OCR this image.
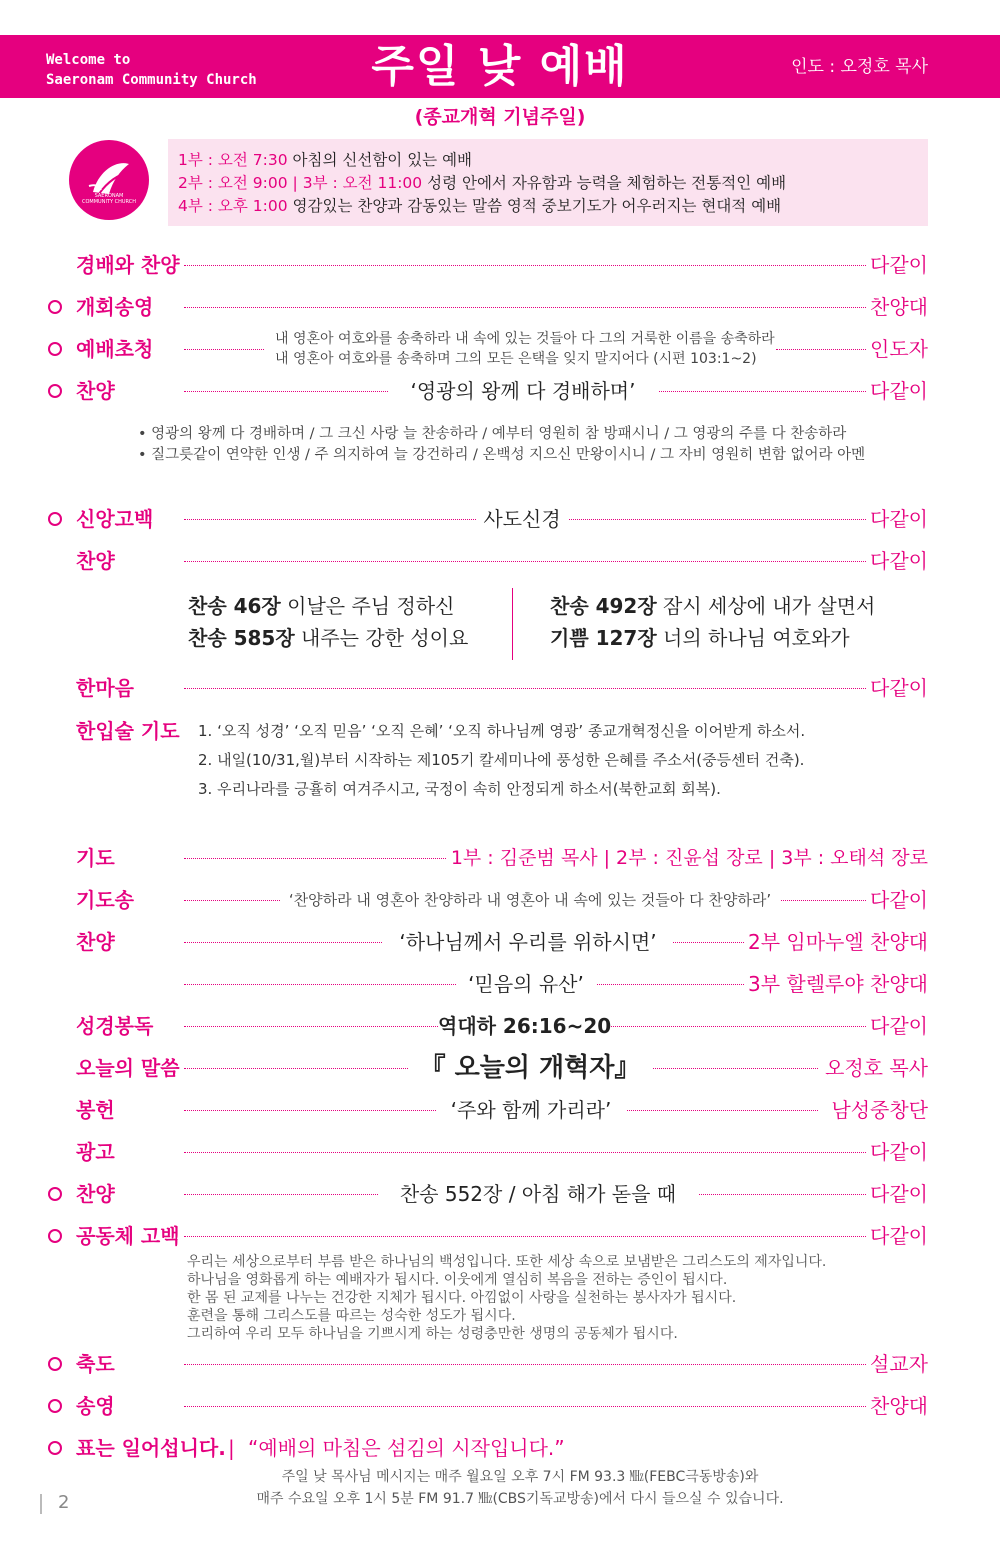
Welcome to
Saeronam Community Church	주일 낮 예배	인도 : 오정호 목사
(종교개혁 기념주일)
SAERONAM
COMMUNITY CHURCH
1부 : 오전 7:30 아침의 신선함이 있는 예배
2부 : 오전 9:00 | 3부 : 오전 11:00 성령 안에서 자유함과 능력을 체험하는 전통적인 예배
4부 : 오후 1:00 영감있는 찬양과 감동있는 말씀 영적 중보기도가 어우러지는 현대적 예배
경배와 찬양	다같이
개회송영	찬양대
예배초청	인도자
내 영혼아 여호와를 송축하라 내 속에 있는 것들아 다 그의 거룩한 이름을 송축하라
내 영혼아 여호와를 송축하며 그의 모든 은택을 잊지 말지어다 (시편 103:1~2)
찬양	‘영광의 왕께 다 경배하며’	다같이
• 영광의 왕께 다 경배하며 / 그 크신 사랑 늘 찬송하라 / 예부터 영원히 참 방패시니 / 그 영광의 주를 다 찬송하라
• 질그릇같이 연약한 인생 / 주 의지하여 늘 강건하리 / 온백성 지으신 만왕이시니 / 그 자비 영원히 변함 없어라 아멘
신앙고백	사도신경	다같이
찬양	다같이
찬송 46장 이날은 주님 정하신
찬송 585장 내주는 강한 성이요
찬송 492장 잠시 세상에 내가 살면서
기쁨 127장 너의 하나님 여호와가
한마음	다같이
한입술 기도 1. ‘오직 성경’ ‘오직 믿음’ ‘오직 은혜’ ‘오직 하나님께 영광’ 종교개혁정신을 이어받게 하소서.
2. 내일(10/31,월)부터 시작하는 제105기 칼세미나에 풍성한 은혜를 주소서(중등센터 건축).
3. 우리나라를 긍휼히 여겨주시고, 국정이 속히 안정되게 하소서(북한교회 회복).
기도	1부 : 김준범 목사 | 2부 : 진윤섭 장로 | 3부 : 오태석 장로
기도송	‘찬양하라 내 영혼아 찬양하라 내 영혼아 내 속에 있는 것들아 다 찬양하라’	다같이
찬양	‘하나님께서 우리를 위하시면’	2부 임마누엘 찬양대
‘믿음의 유산’	3부 할렐루야 찬양대
성경봉독	역대하 26:16~20	다같이
오늘의 말씀	『 오늘의 개혁자』	오정호 목사
봉헌	‘주와 함께 가리라’	남성중창단
광고	다같이
찬양	찬송 552장 / 아침 해가 돋을 때	다같이
공동체 고백	다같이
우리는 세상으로부터 부름 받은 하나님의 백성입니다. 또한 세상 속으로 보냄받은 그리스도의 제자입니다.
하나님을 영화롭게 하는 예배자가 됩시다. 이웃에게 열심히 복음을 전하는 증인이 됩시다.
한 몸 된 교제를 나누는 건강한 지체가 됩시다. 아낌없이 사랑을 실천하는 봉사자가 됩시다.
훈련을 통해 그리스도를 따르는 성숙한 성도가 됩시다.
그리하여 우리 모두 하나님을 기쁘시게 하는 성령충만한 생명의 공동체가 됩시다.
축도	설교자
송영	찬양대
표는 일어섭니다. | “예배의 마침은 섬김의 시작입니다.”
주일 낮 목사님 메시지는 매주 월요일 오후 7시 FM 93.3 ㎒(FEBC극동방송)와
매주 수요일 오후 1시 5분 FM 91.7 ㎒(CBS기독교방송)에서 다시 들으실 수 있습니다.
2
